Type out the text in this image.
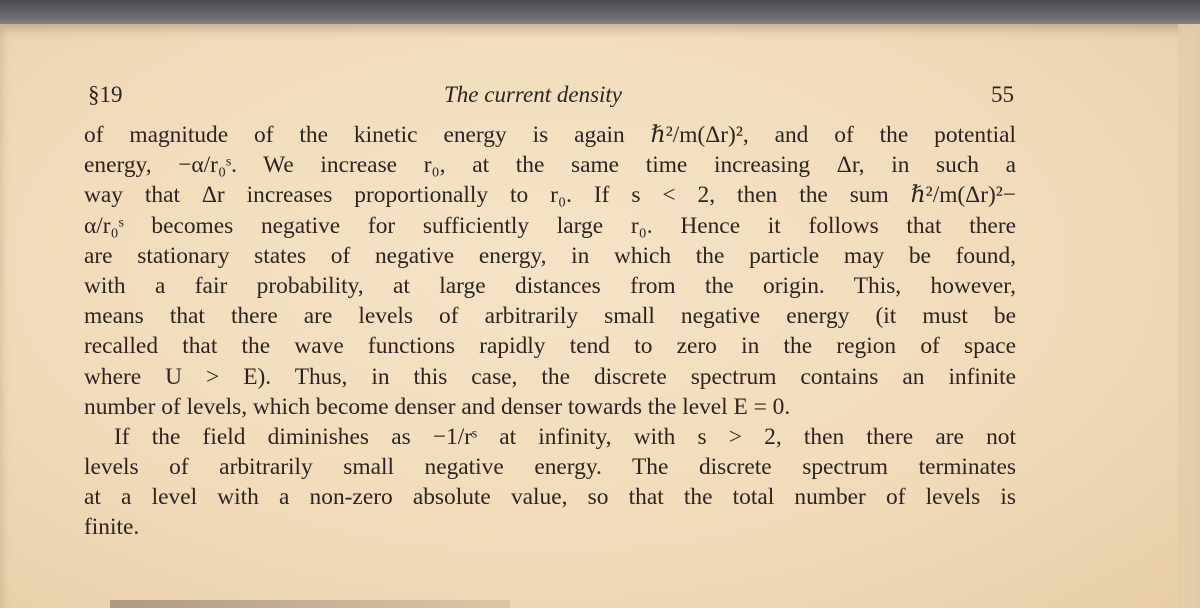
§19	The current density	55

of magnitude of the kinetic energy is again ℏ²/m(Δr)², and of the potential
energy, −α/r₀ˢ. We increase r₀, at the same time increasing Δr, in such a
way that Δr increases proportionally to r₀. If s < 2, then the sum ℏ²/m(Δr)²−
α/r₀ˢ becomes negative for sufficiently large r₀. Hence it follows that there
are stationary states of negative energy, in which the particle may be found,
with a fair probability, at large distances from the origin. This, however,
means that there are levels of arbitrarily small negative energy (it must be
recalled that the wave functions rapidly tend to zero in the region of space
where U > E). Thus, in this case, the discrete spectrum contains an infinite
number of levels, which become denser and denser towards the level E = 0.

If the field diminishes as −1/rˢ at infinity, with s > 2, then there are not
levels of arbitrarily small negative energy. The discrete spectrum terminates
at a level with a non-zero absolute value, so that the total number of levels is
finite.
